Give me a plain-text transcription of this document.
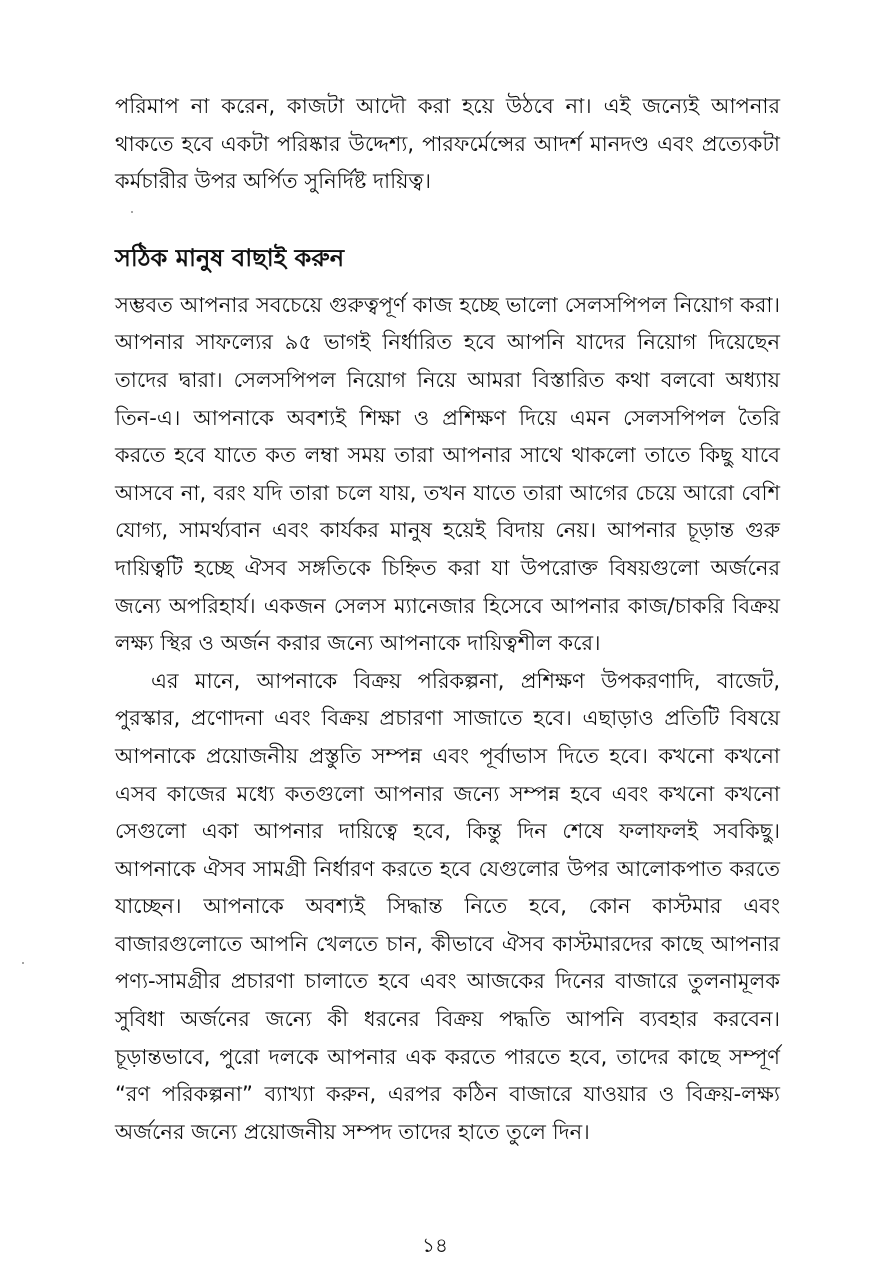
পরিমাপ না করেন, কাজটা আদৌ করা হয়ে উঠবে না। এই জন্যেই আপনার থাকতে হবে একটা পরিষ্কার উদ্দেশ্য, পারফর্মেন্সের আদর্শ মানদণ্ড এবং প্রত্যেকটা কর্মচারীর উপর অর্পিত সুনির্দিষ্ট দায়িত্ব।

সঠিক মানুষ বাছাই করুন

সম্ভবত আপনার সবচেয়ে গুরুত্বপূর্ণ কাজ হচ্ছে ভালো সেলসপিপল নিয়োগ করা। আপনার সাফল্যের ৯৫ ভাগই নির্ধারিত হবে আপনি যাদের নিয়োগ দিয়েছেন তাদের দ্বারা। সেলসপিপল নিয়োগ নিয়ে আমরা বিস্তারিত কথা বলবো অধ্যায় তিন-এ। আপনাকে অবশ্যই শিক্ষা ও প্রশিক্ষণ দিয়ে এমন সেলসপিপল তৈরি করতে হবে যাতে কত লম্বা সময় তারা আপনার সাথে থাকলো তাতে কিছু যাবে আসবে না, বরং যদি তারা চলে যায়, তখন যাতে তারা আগের চেয়ে আরো বেশি যোগ্য, সামর্থ্যবান এবং কার্যকর মানুষ হয়েই বিদায় নেয়। আপনার চূড়ান্ত গুরু দায়িত্বটি হচ্ছে ঐসব সঙ্গতিকে চিহ্নিত করা যা উপরোক্ত বিষয়গুলো অর্জনের জন্যে অপরিহার্য। একজন সেলস ম্যানেজার হিসেবে আপনার কাজ/চাকরি বিক্রয় লক্ষ্য স্থির ও অর্জন করার জন্যে আপনাকে দায়িত্বশীল করে।

এর মানে, আপনাকে বিক্রয় পরিকল্পনা, প্রশিক্ষণ উপকরণাদি, বাজেট, পুরস্কার, প্রণোদনা এবং বিক্রয় প্রচারণা সাজাতে হবে। এছাড়াও প্রতিটি বিষয়ে আপনাকে প্রয়োজনীয় প্রস্তুতি সম্পন্ন এবং পূর্বাভাস দিতে হবে। কখনো কখনো এসব কাজের মধ্যে কতগুলো আপনার জন্যে সম্পন্ন হবে এবং কখনো কখনো সেগুলো একা আপনার দায়িত্বে হবে, কিন্তু দিন শেষে ফলাফলই সবকিছু। আপনাকে ঐসব সামগ্রী নির্ধারণ করতে হবে যেগুলোর উপর আলোকপাত করতে যাচ্ছেন। আপনাকে অবশ্যই সিদ্ধান্ত নিতে হবে, কোন কাস্টমার এবং বাজারগুলোতে আপনি খেলতে চান, কীভাবে ঐসব কাস্টমারদের কাছে আপনার পণ্য-সামগ্রীর প্রচারণা চালাতে হবে এবং আজকের দিনের বাজারে তুলনামূলক সুবিধা অর্জনের জন্যে কী ধরনের বিক্রয় পদ্ধতি আপনি ব্যবহার করবেন। চূড়ান্তভাবে, পুরো দলকে আপনার এক করতে পারতে হবে, তাদের কাছে সম্পূর্ণ “রণ পরিকল্পনা” ব্যাখ্যা করুন, এরপর কঠিন বাজারে যাওয়ার ও বিক্রয়-লক্ষ্য অর্জনের জন্যে প্রয়োজনীয় সম্পদ তাদের হাতে তুলে দিন।

১৪
